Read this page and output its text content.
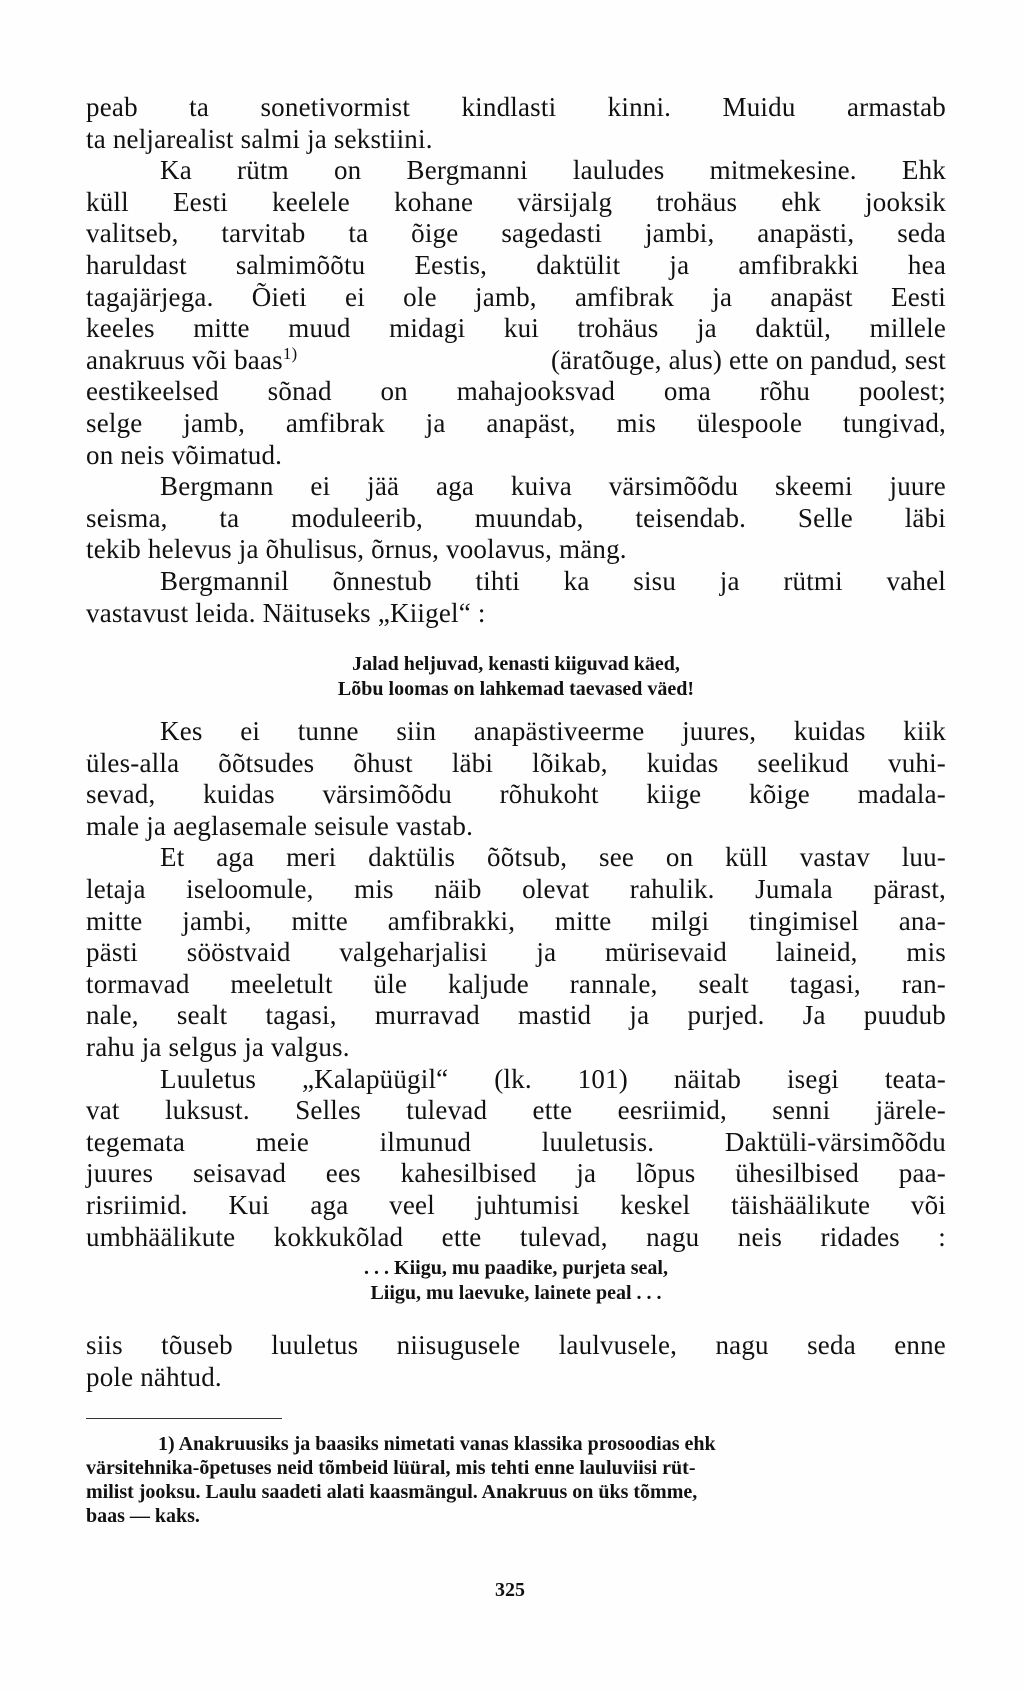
peab ta sonetivormist kindlasti kinni. Muidu armastab
ta neljarealist salmi ja sekstiini.
Ka rütm on Bergmanni lauludes mitmekesine. Ehk
küll Eesti keelele kohane värsijalg trohäus ehk jooksik
valitseb, tarvitab ta õige sagedasti jambi, anapästi, seda
haruldast salmimõõtu Eestis, daktülit ja amfibrakki hea
tagajärjega. Õieti ei ole jamb, amfibrak ja anapäst Eesti
keeles mitte muud midagi kui trohäus ja daktül, millele
anakruus või baas$^{1)}$	(äratõuge, alus) ette on pandud, sest
eestikeelsed sõnad on mahajooksvad oma rõhu poolest;
selge jamb, amfibrak ja anapäst, mis ülespoole tungivad,
on neis võimatud.
Bergmann ei jää aga kuiva värsimõõdu skeemi juure
seisma, ta moduleerib, muundab, teisendab. Selle läbi
tekib helevus ja õhulisus, õrnus, voolavus, mäng.
Bergmannil õnnestub tihti ka sisu ja rütmi vahel
vastavust leida. Näituseks „Kiigel“ :
Jalad heljuvad, kenasti kiiguvad käed,
Lõbu loomas on lahkemad taevased väed!
Kes ei tunne siin anapästiveerme juures, kuidas kiik
üles-alla õõtsudes õhust läbi lõikab, kuidas seelikud vuhi-
sevad, kuidas värsimõõdu rõhukoht kiige kõige madala-
male ja aeglasemale seisule vastab.
Et aga meri daktülis õõtsub, see on küll vastav luu-
letaja iseloomule, mis näib olevat rahulik. Jumala pärast,
mitte jambi, mitte amfibrakki, mitte milgi tingimisel ana-
pästi sööstvaid valgeharjalisi ja mürisevaid laineid, mis
tormavad meeletult üle kaljude rannale, sealt tagasi, ran-
nale, sealt tagasi, murravad mastid ja purjed. Ja puudub
rahu ja selgus ja valgus.
Luuletus „Kalapüügil“ (lk. 101) näitab isegi teata-
vat luksust. Selles tulevad ette eesriimid, senni järele-
tegemata meie ilmunud luuletusis. Daktüli-värsimõõdu
juures seisavad ees kahesilbised ja lõpus ühesilbised paa-
risriimid. Kui aga veel juhtumisi keskel täishäälikute või
umbhäälikute kokkukõlad ette tulevad, nagu neis ridades :
. . . Kiigu, mu paadike, purjeta seal,
Liigu, mu laevuke, lainete peal . . .
siis tõuseb luuletus niisugusele laulvusele, nagu seda enne
pole nähtud.
1) Anakruusiks ja baasiks nimetati vanas klassika prosoodias ehk
värsitehnika-õpetuses neid tõmbeid lüüral, mis tehti enne lauluviisi rüt-
milist jooksu. Laulu saadeti alati kaasmängul. Anakruus on üks tõmme,
baas — kaks.
325
